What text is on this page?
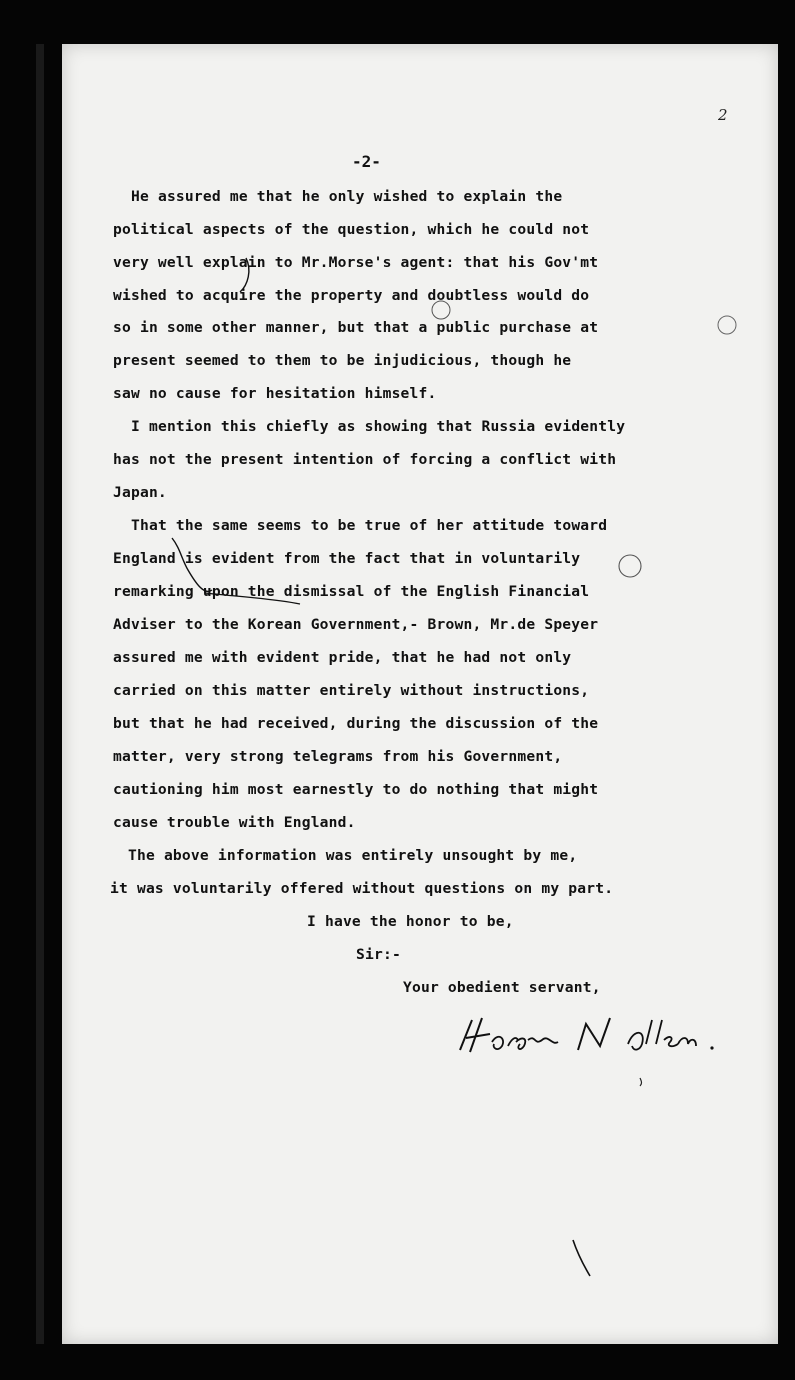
2
-2-
He assured me that he only wished to explain the
political aspects of the question, which he could not
very well explain to Mr.Morse's agent: that his Gov'mt
wished to acquire the property and doubtless would do
so in some other manner, but that a public purchase at
present seemed to them to be injudicious, though he
saw no cause for hesitation himself.
I mention this chiefly as showing that Russia evidently
has not the present intention of forcing a conflict with
Japan.
That the same seems to be true of her attitude toward
England is evident from the fact that in voluntarily
remarking upon the dismissal of the English Financial
Adviser to the Korean Government,- Brown, Mr.de Speyer
assured me with evident pride, that he had not only
carried on this matter entirely without instructions,
but that he had received, during the discussion of the
matter, very strong telegrams from his Government,
cautioning him most earnestly to do nothing that might
cause trouble with England.
The above information was entirely unsought by me,
it was voluntarily offered without questions on my part.
I have the honor to be,
Sir:-
Your obedient servant,
